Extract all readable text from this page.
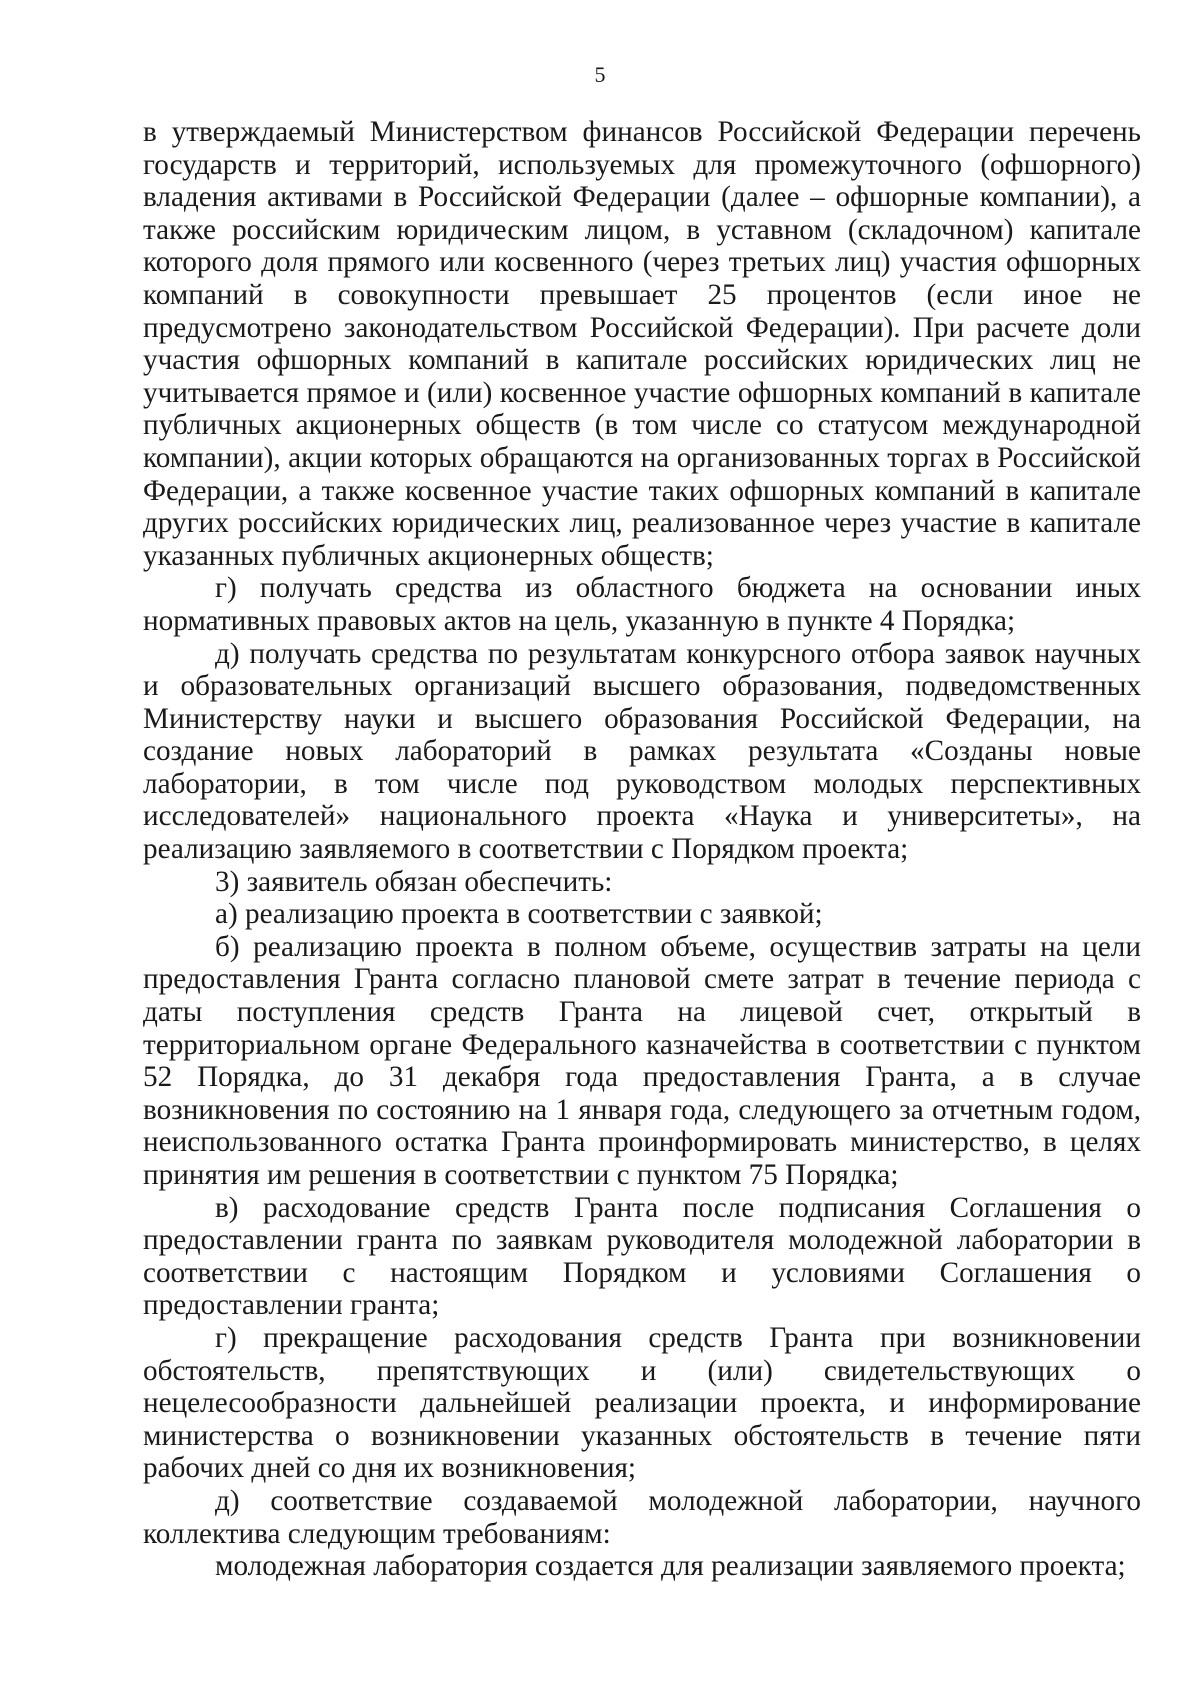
5

в утверждаемый Министерством финансов Российской Федерации перечень государств и территорий, используемых для промежуточного (офшорного) владения активами в Российской Федерации (далее – офшорные компании), а также российским юридическим лицом, в уставном (складочном) капитале которого доля прямого или косвенного (через третьих лиц) участия офшорных компаний в совокупности превышает 25 процентов (если иное не предусмотрено законодательством Российской Федерации). При расчете доли участия офшорных компаний в капитале российских юридических лиц не учитывается прямое и (или) косвенное участие офшорных компаний в капитале публичных акционерных обществ (в том числе со статусом международной компании), акции которых обращаются на организованных торгах в Российской Федерации, а также косвенное участие таких офшорных компаний в капитале других российских юридических лиц, реализованное через участие в капитале указанных публичных акционерных обществ;

г) получать средства из областного бюджета на основании иных нормативных правовых актов на цель, указанную в пункте 4 Порядка;

д) получать средства по результатам конкурсного отбора заявок научных и образовательных организаций высшего образования, подведомственных Министерству науки и высшего образования Российской Федерации, на создание новых лабораторий в рамках результата «Созданы новые лаборатории, в том числе под руководством молодых перспективных исследователей» национального проекта «Наука и университеты», на реализацию заявляемого в соответствии с Порядком проекта;

3) заявитель обязан обеспечить:

а) реализацию проекта в соответствии с заявкой;

б) реализацию проекта в полном объеме, осуществив затраты на цели предоставления Гранта согласно плановой смете затрат в течение периода с даты поступления средств Гранта на лицевой счет, открытый в территориальном органе Федерального казначейства в соответствии с пунктом 52 Порядка, до 31 декабря года предоставления Гранта, а в случае возникновения по состоянию на 1 января года, следующего за отчетным годом, неиспользованного остатка Гранта проинформировать министерство, в целях принятия им решения в соответствии с пунктом 75 Порядка;

в) расходование средств Гранта после подписания Соглашения о предоставлении гранта по заявкам руководителя молодежной лаборатории в соответствии с настоящим Порядком и условиями Соглашения о предоставлении гранта;

г) прекращение расходования средств Гранта при возникновении обстоятельств, препятствующих и (или) свидетельствующих о нецелесообразности дальнейшей реализации проекта, и информирование министерства о возникновении указанных обстоятельств в течение пяти рабочих дней со дня их возникновения;

д) соответствие создаваемой молодежной лаборатории, научного коллектива следующим требованиям:

молодежная лаборатория создается для реализации заявляемого проекта;
